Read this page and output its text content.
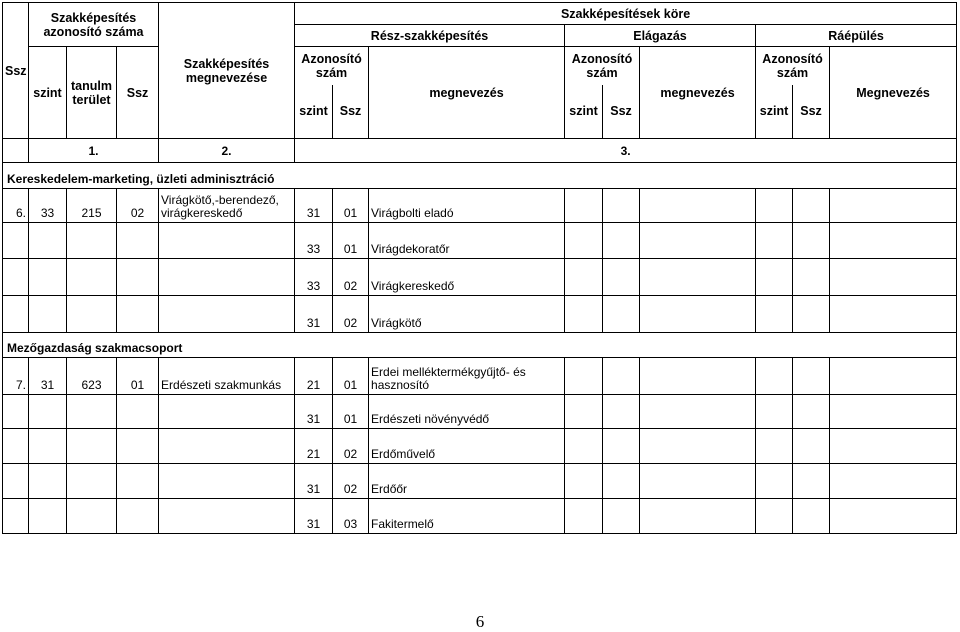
Ssz	Szakképesítés azonosító száma			Szakképesítés megnevezése	Szakképesítések köre								
					Rész-szakképesítés			Elágazás			Ráépülés		
	szint	tanulm terület	Ssz		Azonosító szám		megnevezés	Azonosító szám		megnevezés	Azonosító szám		Megnevezés
					szint	Ssz		szint	Ssz		szint	Ssz	
	1.			2.	3.								
Kereskedelem-marketing, üzleti adminisztráció													
6.	33	215	02	Virágkötő,-berendező, virágkereskedő	31	01	Virágbolti eladó						
					33	01	Virágdekoratőr						
					33	02	Virágkereskedő						
					31	02	Virágkötő						
Mezőgazdaság szakmacsoport													
7.	31	623	01	Erdészeti szakmunkás	21	01	Erdei melléktermékgyűjtő- és hasznosító						
					31	01	Erdészeti növényvédő						
					21	02	Erdőművelő						
					31	02	Erdőőr						
					31	03	Fakitermelő						
6
